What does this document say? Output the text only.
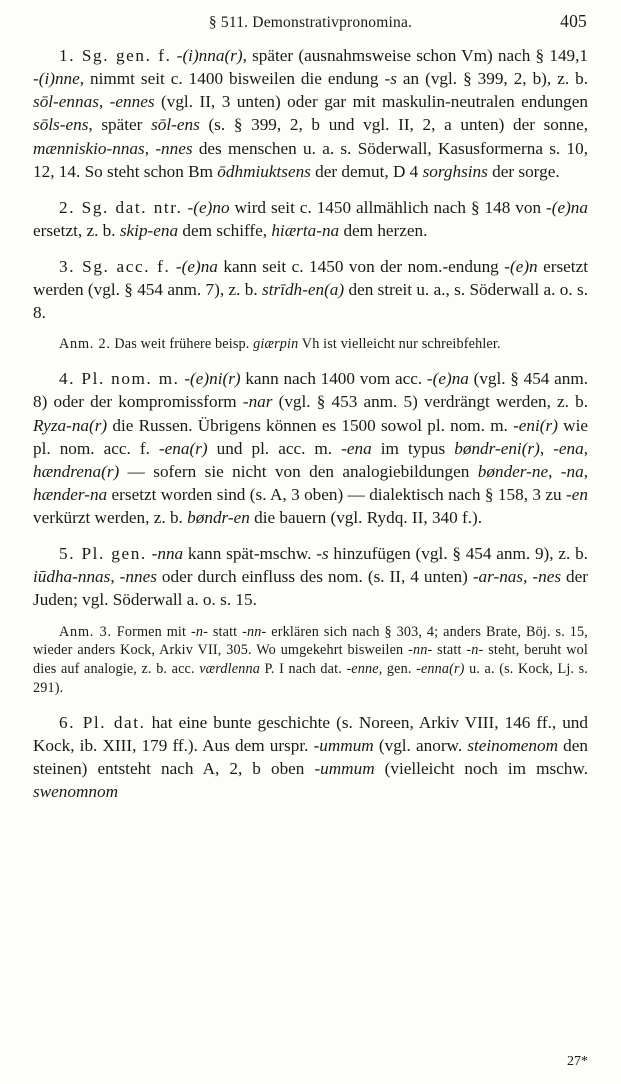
§ 511. Demonstrativpronomina.	405

1. Sg. gen. f. -(i)nna(r), später (ausnahmsweise schon Vm) nach § 149,1 -(i)nne, nimmt seit c. 1400 bisweilen die endung -s an (vgl. § 399, 2, b), z. b. sōl-ennas, -ennes (vgl. II, 3 unten) oder gar mit maskulin-neutralen endungen sōls-ens, später sōl-ens (s. § 399, 2, b und vgl. II, 2, a unten) der sonne, mænniskio-nnas, -nnes des menschen u. a. s. Söderwall, Kasusformerna s. 10, 12, 14. So steht schon Bm ōdhmiuktsens der demut, D 4 sorghsins der sorge.

2. Sg. dat. ntr. -(e)no wird seit c. 1450 allmählich nach § 148 von -(e)na ersetzt, z. b. skip-ena dem schiffe, hiærta-na dem herzen.

3. Sg. acc. f. -(e)na kann seit c. 1450 von der nom.-endung -(e)n ersetzt werden (vgl. § 454 anm. 7), z. b. strīdh-en(a) den streit u. a., s. Söderwall a. o. s. 8.

Anm. 2. Das weit frühere beisp. giærpin Vh ist vielleicht nur schreibfehler.

4. Pl. nom. m. -(e)ni(r) kann nach 1400 vom acc. -(e)na (vgl. § 454 anm. 8) oder der kompromissform -nar (vgl. § 453 anm. 5) verdrängt werden, z. b. Ryza-na(r) die Russen. Übrigens können es 1500 sowol pl. nom. m. -eni(r) wie pl. nom. acc. f. -ena(r) und pl. acc. m. -ena im typus bøndr-eni(r), -ena, hændrena(r) — sofern sie nicht von den analogiebildungen bønder-ne, -na, hænder-na ersetzt worden sind (s. A, 3 oben) — dialektisch nach § 158, 3 zu -en verkürzt werden, z. b. bøndr-en die bauern (vgl. Rydq. II, 340 f.).

5. Pl. gen. -nna kann spät-mschw. -s hinzufügen (vgl. § 454 anm. 9), z. b. iūdha-nnas, -nnes oder durch einfluss des nom. (s. II, 4 unten) -ar-nas, -nes der Juden; vgl. Söderwall a. o. s. 15.

Anm. 3. Formen mit -n- statt -nn- erklären sich nach § 303, 4; anders Brate, Böj. s. 15, wieder anders Kock, Arkiv VII, 305. Wo umgekehrt bisweilen -nn- statt -n- steht, beruht wol dies auf analogie, z. b. acc. værdlenna P. I nach dat. -enne, gen. -enna(r) u. a. (s. Kock, Lj. s. 291).

6. Pl. dat. hat eine bunte geschichte (s. Noreen, Arkiv VIII, 146 ff., und Kock, ib. XIII, 179 ff.). Aus dem urspr. -ummum (vgl. anorw. steinomenom den steinen) entsteht nach A, 2, b oben -ummum (vielleicht noch im mschw. swenomnom

27*
